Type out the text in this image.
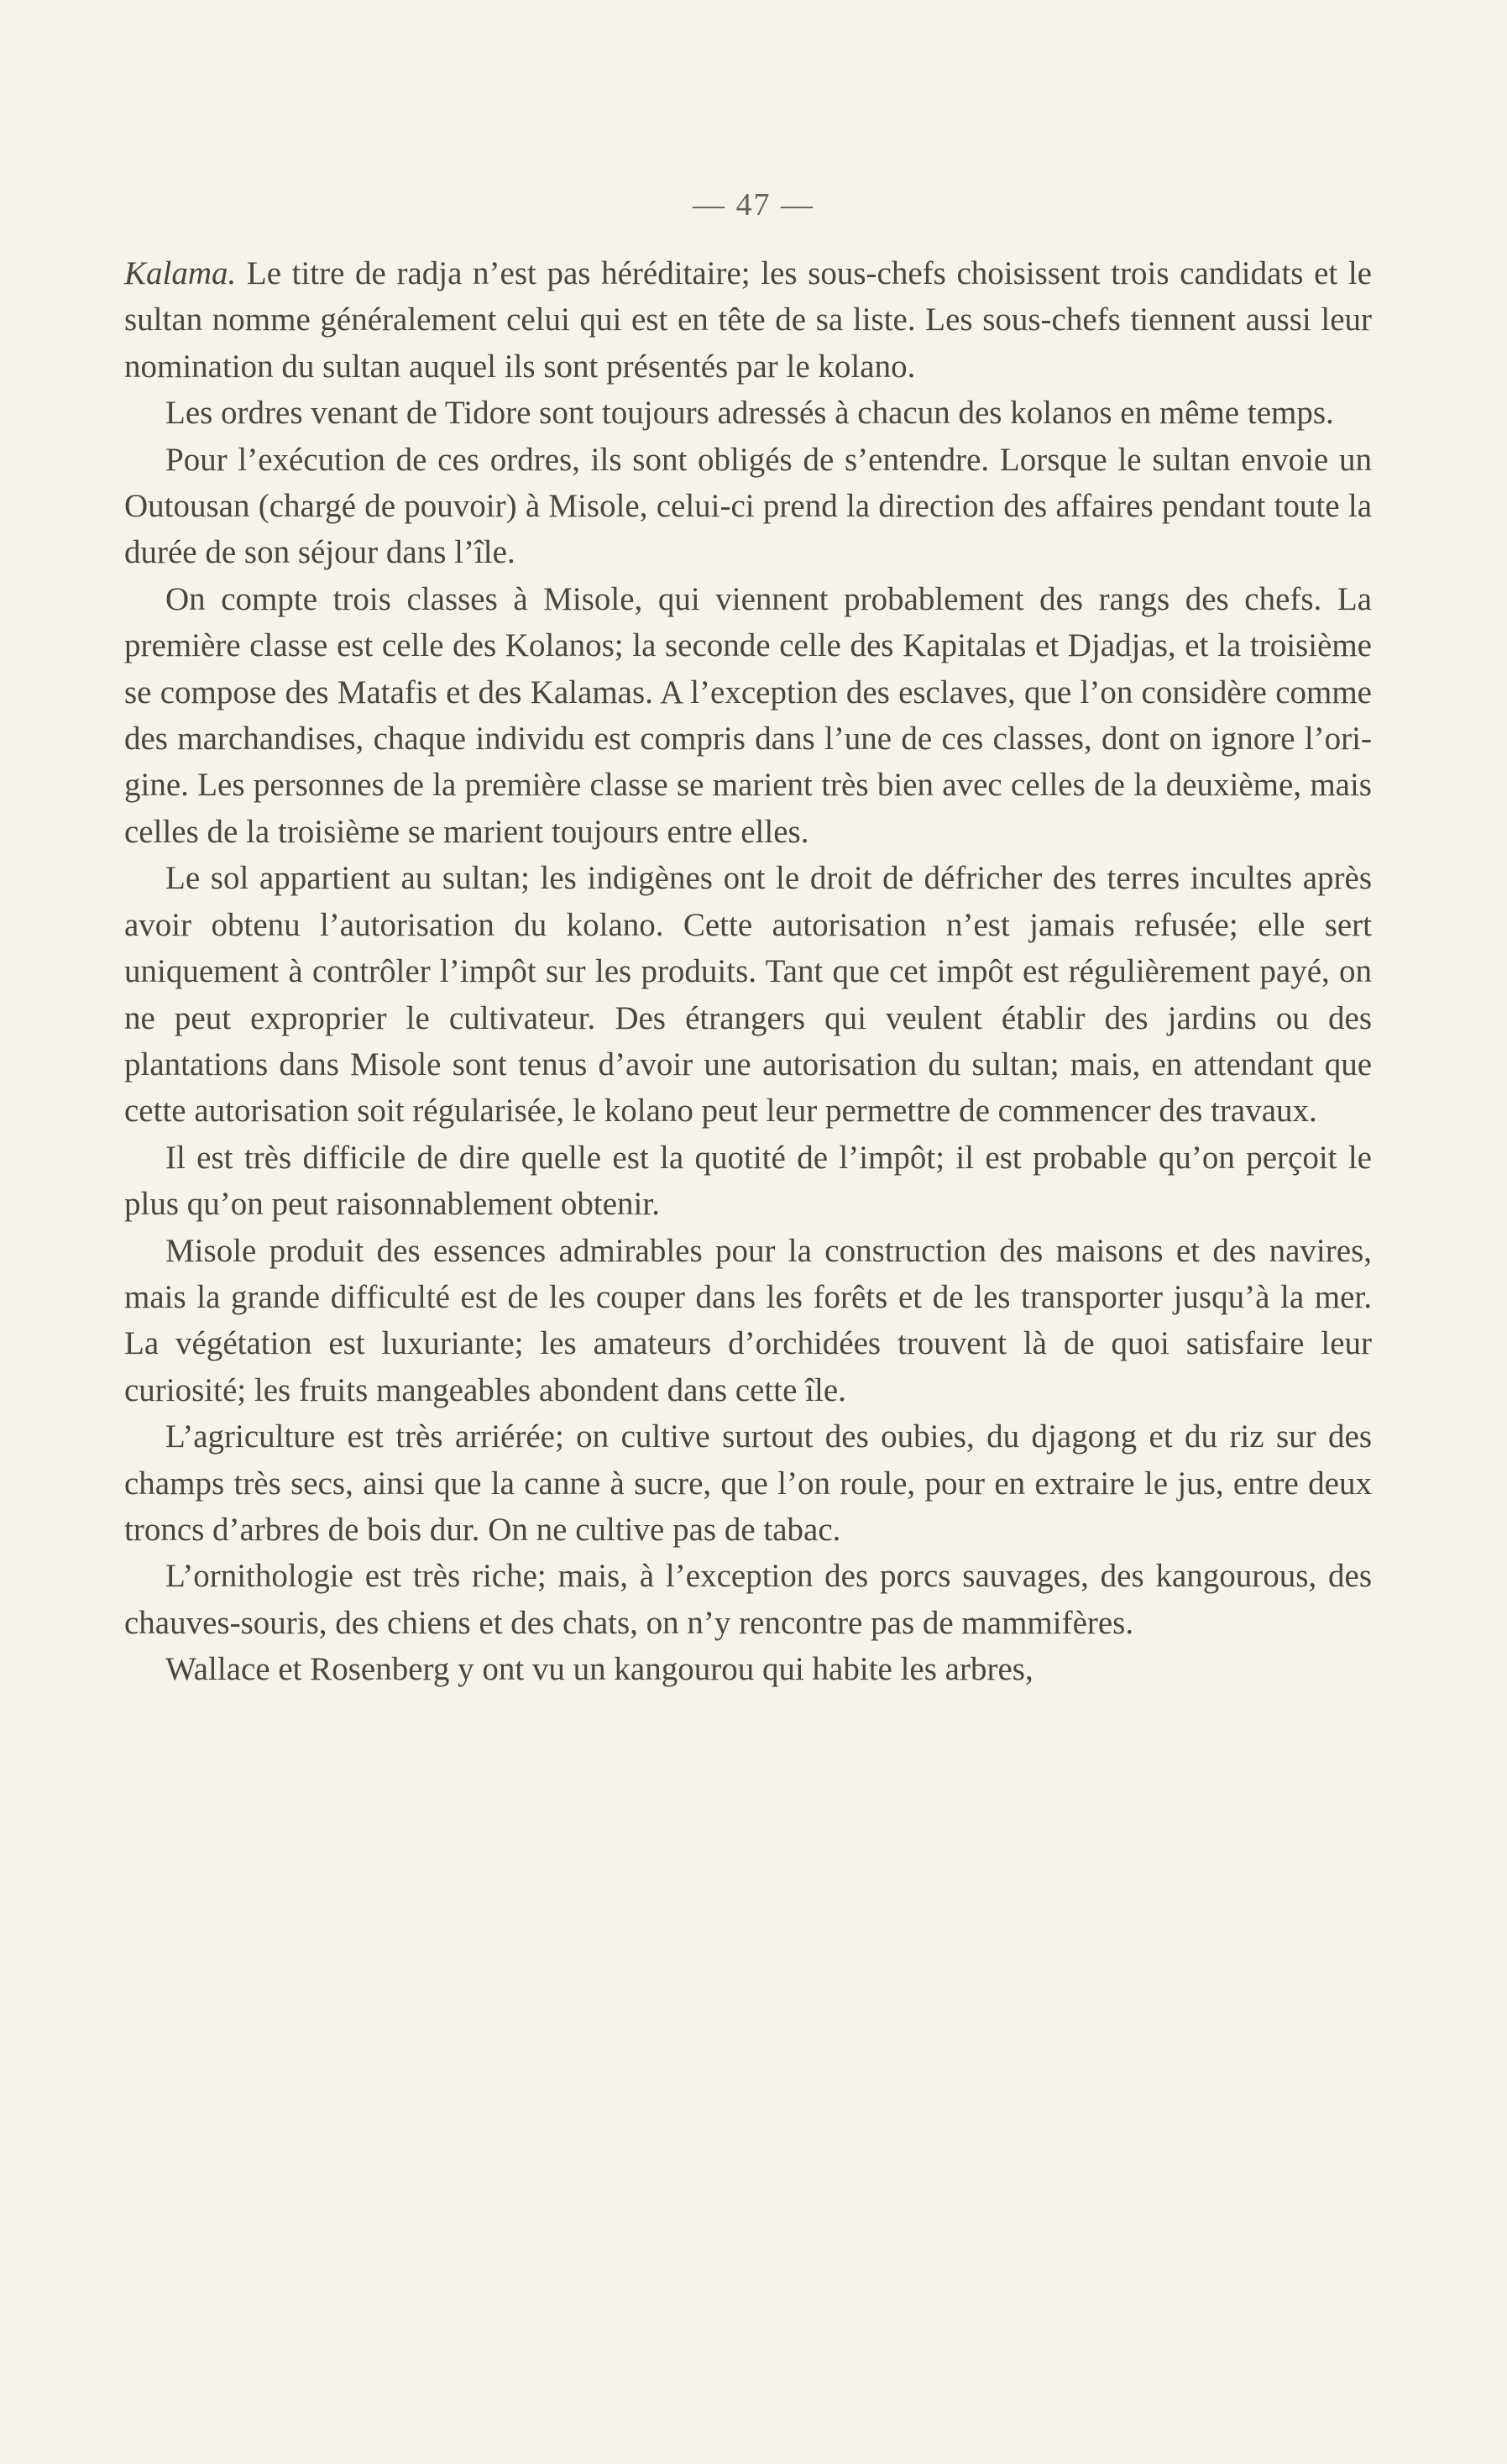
— 47 —

Kalama. Le titre de radja n’est pas héréditaire; les sous-chefs choisissent trois candidats et le sultan nomme généralement celui qui est en tête de sa liste. Les sous-chefs tiennent aussi leur nomination du sultan auquel ils sont présentés par le kolano.

Les ordres venant de Tidore sont toujours adressés à chacun des kolanos en même temps.

Pour l’exécution de ces ordres, ils sont obligés de s’entendre. Lorsque le sultan envoie un Outousan (chargé de pouvoir) à Misole, celui-ci prend la direction des affaires pendant toute la durée de son séjour dans l’île.

On compte trois classes à Misole, qui viennent probablement des rangs des chefs. La première classe est celle des Kolanos; la seconde celle des Kapitalas et Djadjas, et la troisième se compose des Matafis et des Kalamas. A l’exception des esclaves, que l’on considère comme des marchandises, chaque individu est compris dans l’une de ces classes, dont on ignore l’origine. Les personnes de la première classe se marient très bien avec celles de la deuxième, mais celles de la troisième se marient toujours entre elles.

Le sol appartient au sultan; les indigènes ont le droit de défricher des terres incultes après avoir obtenu l’autorisation du kolano. Cette autorisation n’est jamais refusée; elle sert uniquement à contrôler l’impôt sur les produits. Tant que cet impôt est régulièrement payé, on ne peut exproprier le cultivateur. Des étrangers qui veulent établir des jardins ou des plantations dans Misole sont tenus d’avoir une autorisation du sultan; mais, en attendant que cette autorisation soit régularisée, le kolano peut leur permettre de commencer des travaux.

Il est très difficile de dire quelle est la quotité de l’impôt; il est probable qu’on perçoit le plus qu’on peut raisonnablement obtenir.

Misole produit des essences admirables pour la construction des maisons et des navires, mais la grande difficulté est de les couper dans les forêts et de les transporter jusqu’à la mer. La végétation est luxuriante; les amateurs d’orchidées trouvent là de quoi satisfaire leur curiosité; les fruits mangeables abondent dans cette île.

L’agriculture est très arriérée; on cultive surtout des oubies, du djagong et du riz sur des champs très secs, ainsi que la canne à sucre, que l’on roule, pour en extraire le jus, entre deux troncs d’arbres de bois dur. On ne cultive pas de tabac.

L’ornithologie est très riche; mais, à l’exception des porcs sauvages, des kangourous, des chauves-souris, des chiens et des chats, on n’y rencontre pas de mammifères.

Wallace et Rosenberg y ont vu un kangourou qui habite les arbres,
